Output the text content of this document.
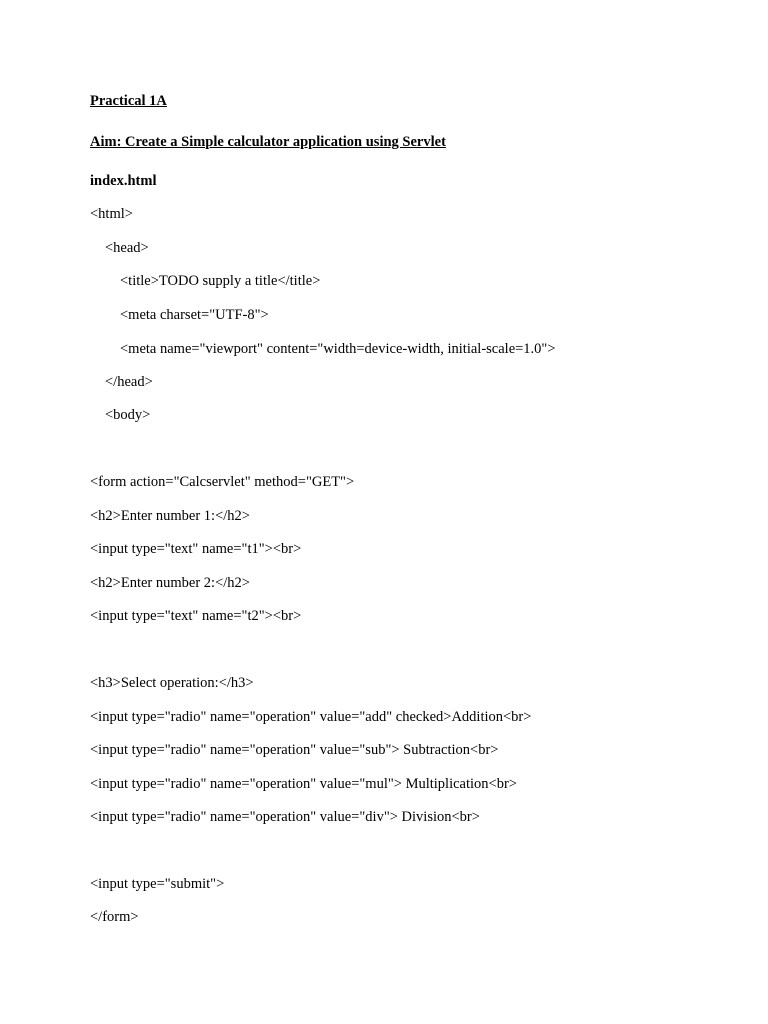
Practical 1A
Aim: Create a Simple calculator application using Servlet
index.html
<html>
<head>
<title>TODO supply a title</title>
<meta charset="UTF-8">
<meta name="viewport" content="width=device-width, initial-scale=1.0">
</head>
<body>
<form action="Calcservlet" method="GET">
<h2>Enter number 1:</h2>
<input type="text" name="t1"><br>
<h2>Enter number 2:</h2>
<input type="text" name="t2"><br>
<h3>Select operation:</h3>
<input type="radio" name="operation" value="add" checked>Addition<br>
<input type="radio" name="operation" value="sub"> Subtraction<br>
<input type="radio" name="operation" value="mul"> Multiplication<br>
<input type="radio" name="operation" value="div"> Division<br>
<input type="submit">
</form>
